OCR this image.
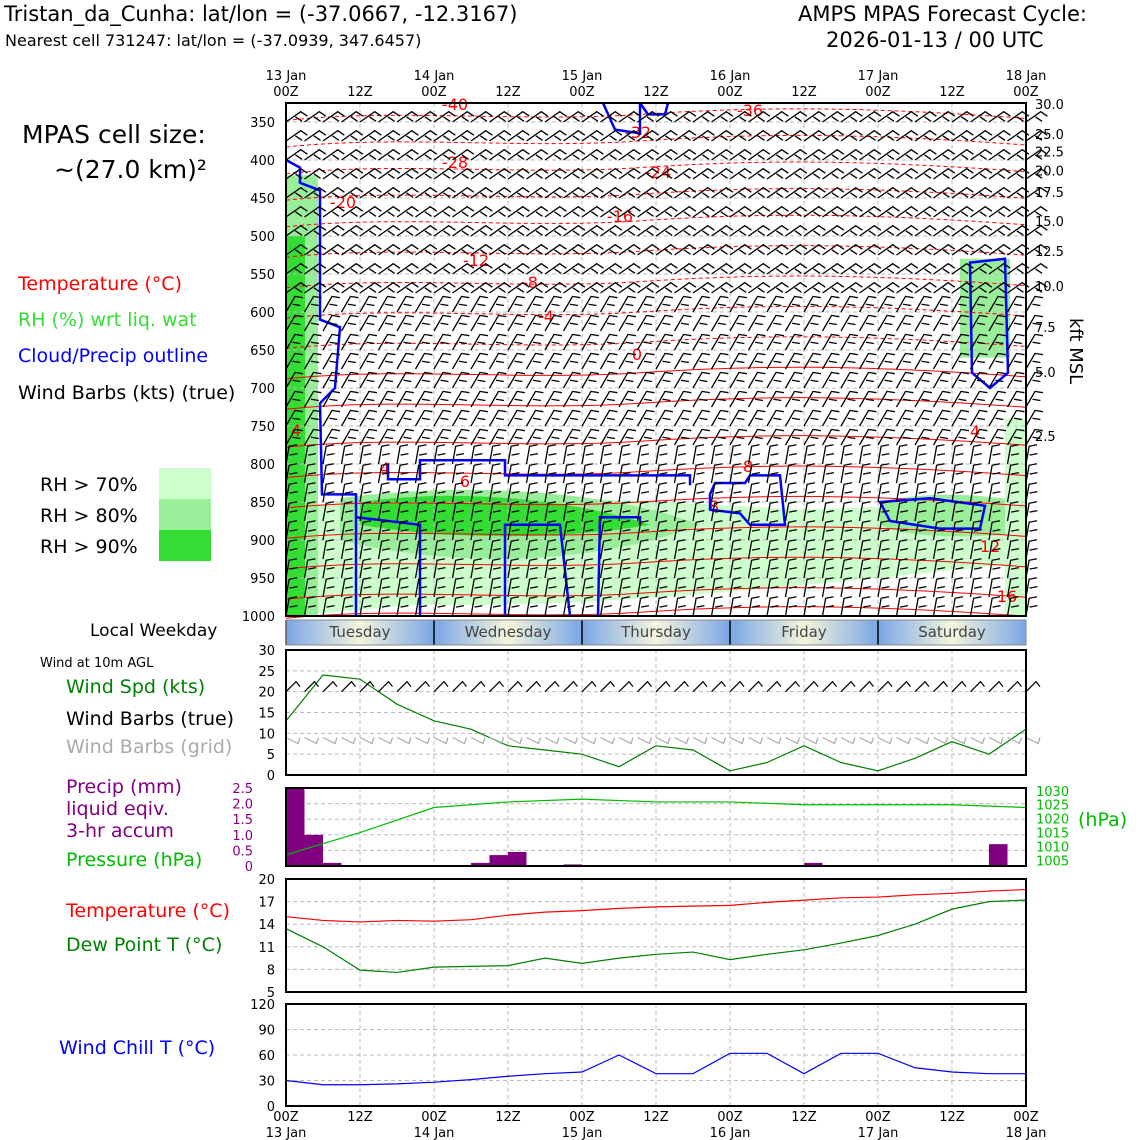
Tristan_da_Cunha: lat/lon = (-37.0667, -12.3167)
Nearest cell 731247: lat/lon = (-37.0939, 347.6457)
AMPS MPAS Forecast Cycle:
2026-01-13 / 00 UTC
MPAS cell size:
~(27.0 km)²
Temperature (°C)
RH (%) wrt liq. wat
Cloud/Precip outline
Wind Barbs (kts) (true)
RH > 70%
RH > 80%
RH > 90%
Local Weekday
Wind at 10m AGL
Wind Spd (kts)
Wind Barbs (true)
Wind Barbs (grid)
Precip (mm)
liquid eqiv.
3-hr accum
Pressure (hPa)
(hPa)
Temperature (°C)
Dew Point T (°C)
Wind Chill T (°C)
kft MSL
-40	-36
-32
-28
-24
-20
-16
-12
-8
-4
0
4
4
4
6
8
8
12
16
350
400
450
500
550
600
650
700
750
800
850
900
950
1000
30.0
25.0
22.5
20.0
17.5
15.0
12.5
10.0
7.5
5.0
2.5
13 Jan
00Z	12Z
14 Jan
00Z	12Z
15 Jan
00Z	12Z
16 Jan
00Z	12Z
17 Jan
00Z	12Z
18 Jan
00Z
Tuesday	Wednesday	Thursday	Friday	Saturday
0
5
10
15
20
25
30
0
0.5
1.0
1.5
2.0
2.5
1005
1010
1015
1020
1025
1030
5
8
11
14
17
20
0
30
60
90
120
00Z
13 Jan
12Z	00Z
14 Jan
12Z	00Z
15 Jan
12Z	00Z
16 Jan
12Z	00Z
17 Jan
12Z	00Z
18 Jan
